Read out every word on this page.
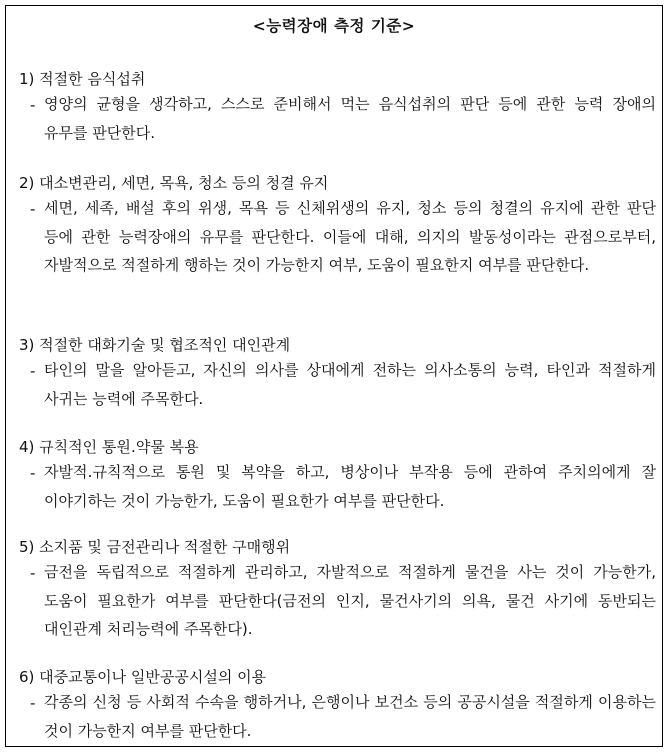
<능력장애 측정 기준>
1) 적절한 음식섭취
- 영양의 균형을 생각하고, 스스로 준비해서 먹는 음식섭취의 판단 등에 관한 능력 장애의 유무를 판단한다.
2) 대소변관리, 세면, 목욕, 청소 등의 청결 유지
- 세면, 세족, 배설 후의 위생, 목욕 등 신체위생의 유지, 청소 등의 청결의 유지에 관한 판단 등에 관한 능력장애의 유무를 판단한다. 이들에 대해, 의지의 발동성이라는 관점으로부터, 자발적으로 적절하게 행하는 것이 가능한지 여부, 도움이 필요한지 여부를 판단한다.
3) 적절한 대화기술 및 협조적인 대인관계
- 타인의 말을 알아듣고, 자신의 의사를 상대에게 전하는 의사소통의 능력, 타인과 적절하게 사귀는 능력에 주목한다.
4) 규칙적인 통원․약물 복용
- 자발적․규칙적으로 통원 및 복약을 하고, 병상이나 부작용 등에 관하여 주치의에게 잘 이야기하는 것이 가능한가, 도움이 필요한가 여부를 판단한다.
5) 소지품 및 금전관리나 적절한 구매행위
- 금전을 독립적으로 적절하게 관리하고, 자발적으로 적절하게 물건을 사는 것이 가능한가, 도움이 필요한가 여부를 판단한다(금전의 인지, 물건사기의 의욕, 물건 사기에 동반되는 대인관계 처리능력에 주목한다).
6) 대중교통이나 일반공공시설의 이용
- 각종의 신청 등 사회적 수속을 행하거나, 은행이나 보건소 등의 공공시설을 적절하게 이용하는 것이 가능한지 여부를 판단한다.
